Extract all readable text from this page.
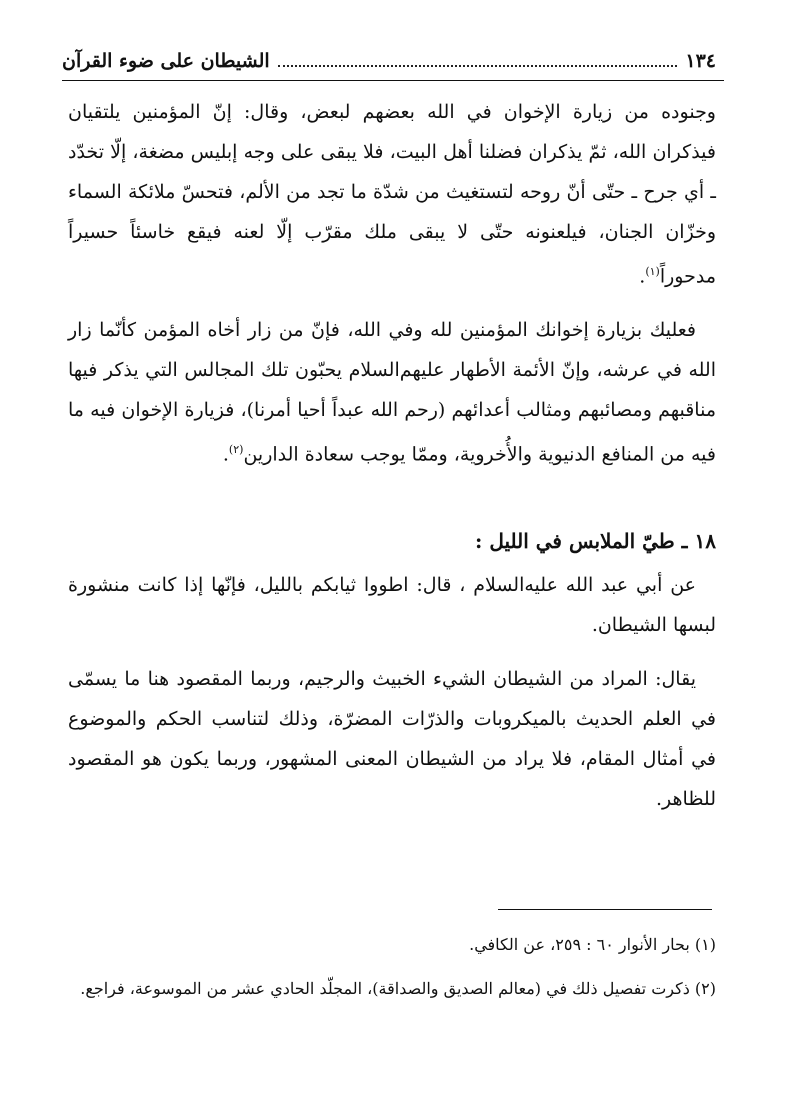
١٣٤
الشيطان على ضوء القرآن

وجنوده من زيارة الإخوان في الله بعضهم لبعض، وقال: إنّ المؤمنين يلتقيان فيذكران الله، ثمّ يذكران فضلنا أهل البيت، فلا يبقى على وجه إبليس مضغة، إلّا تخدّد ـ أي جرح ـ حتّى أنّ روحه لتستغيث من شدّة ما تجد من الألم، فتحسّ ملائكة السماء وخزّان الجنان، فيلعنونه حتّى لا يبقى ملك مقرّب إلّا لعنه فيقع خاسئاً حسيراً مدحوراً$^{(١)}$.

فعليك بزيارة إخوانك المؤمنين لله وفي الله، فإنّ من زار أخاه المؤمن كأنّما زار الله في عرشه، وإنّ الأئمة الأطهار عليهم‌السلام يحبّون تلك المجالس التي يذكر فيها مناقبهم ومصائبهم ومثالب أعدائهم (رحم الله عبداً أحيا أمرنا)، فزيارة الإخوان فيه ما فيه من المنافع الدنيوية والأُخروية، وممّا يوجب سعادة الدارين$^{(٢)}$.

١٨ ـ طيّ الملابس في الليل :

عن أبي عبد الله عليه‌السلام ، قال: اطووا ثيابكم بالليل، فإنّها إذا كانت منشورة لبسها الشيطان.

يقال: المراد من الشيطان الشيء الخبيث والرجيم، وربما المقصود هنا ما يسمّى في العلم الحديث بالميكروبات والذرّات المضرّة، وذلك لتناسب الحكم والموضوع في أمثال المقام، فلا يراد من الشيطان المعنى المشهور، وربما يكون هو المقصود للظاهر.

(١) بحار الأنوار ٦٠ : ٢٥٩، عن الكافي.

(٢) ذكرت تفصيل ذلك في (معالم الصديق والصداقة)، المجلّد الحادي عشر من الموسوعة، فراجع.
